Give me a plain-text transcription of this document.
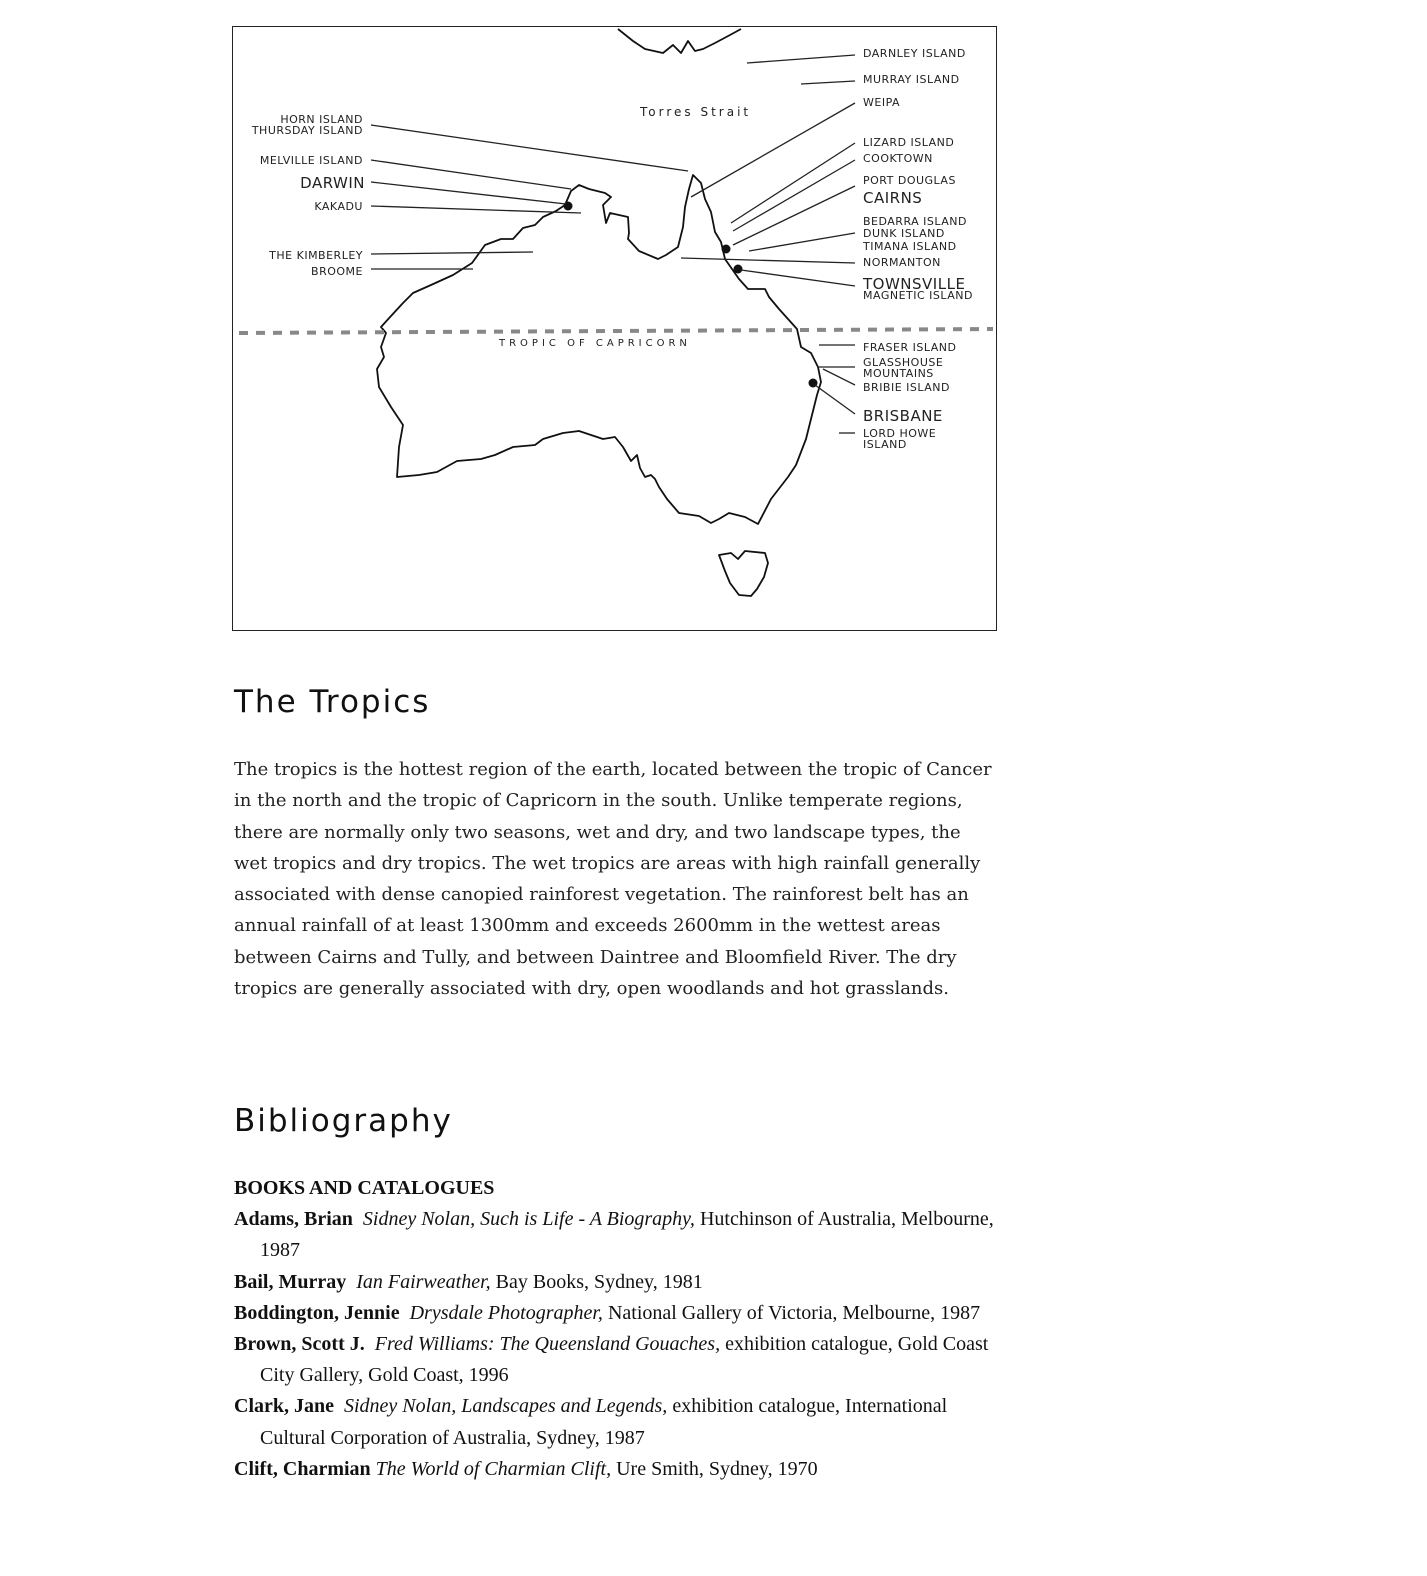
Torres Strait
TROPIC OF CAPRICORN
HORN ISLAND
THURSDAY ISLAND
MELVILLE ISLAND
DARWIN
KAKADU
THE KIMBERLEY
BROOME
DARNLEY ISLAND
MURRAY ISLAND
WEIPA
LIZARD ISLAND
COOKTOWN
PORT DOUGLAS
CAIRNS
BEDARRA ISLAND
DUNK ISLAND
TIMANA ISLAND
NORMANTON
TOWNSVILLE
MAGNETIC ISLAND
FRASER ISLAND
GLASSHOUSE
MOUNTAINS
BRIBIE ISLAND
BRISBANE
LORD HOWE
ISLAND
The Tropics

The tropics is the hottest region of the earth, located between the tropic of Cancer in the north and the tropic of Capricorn in the south. Unlike temperate regions, there are normally only two seasons, wet and dry, and two landscape types, the wet tropics and dry tropics. The wet tropics are areas with high rainfall generally associated with dense canopied rainforest vegetation. The rainforest belt has an annual rainfall of at least 1300mm and exceeds 2600mm in the wettest areas between Cairns and Tully, and between Daintree and Bloomfield River. The dry tropics are generally associated with dry, open woodlands and hot grasslands.

Bibliography
BOOKS AND CATALOGUES
Adams, Brian Sidney Nolan, Such is Life - A Biography, Hutchinson of Australia, Melbourne, 1987
Bail, Murray Ian Fairweather, Bay Books, Sydney, 1981
Boddington, Jennie Drysdale Photographer, National Gallery of Victoria, Melbourne, 1987
Brown, Scott J. Fred Williams: The Queensland Gouaches, exhibition catalogue, Gold Coast City Gallery, Gold Coast, 1996
Clark, Jane Sidney Nolan, Landscapes and Legends, exhibition catalogue, International Cultural Corporation of Australia, Sydney, 1987
Clift, Charmian The World of Charmian Clift, Ure Smith, Sydney, 1970
